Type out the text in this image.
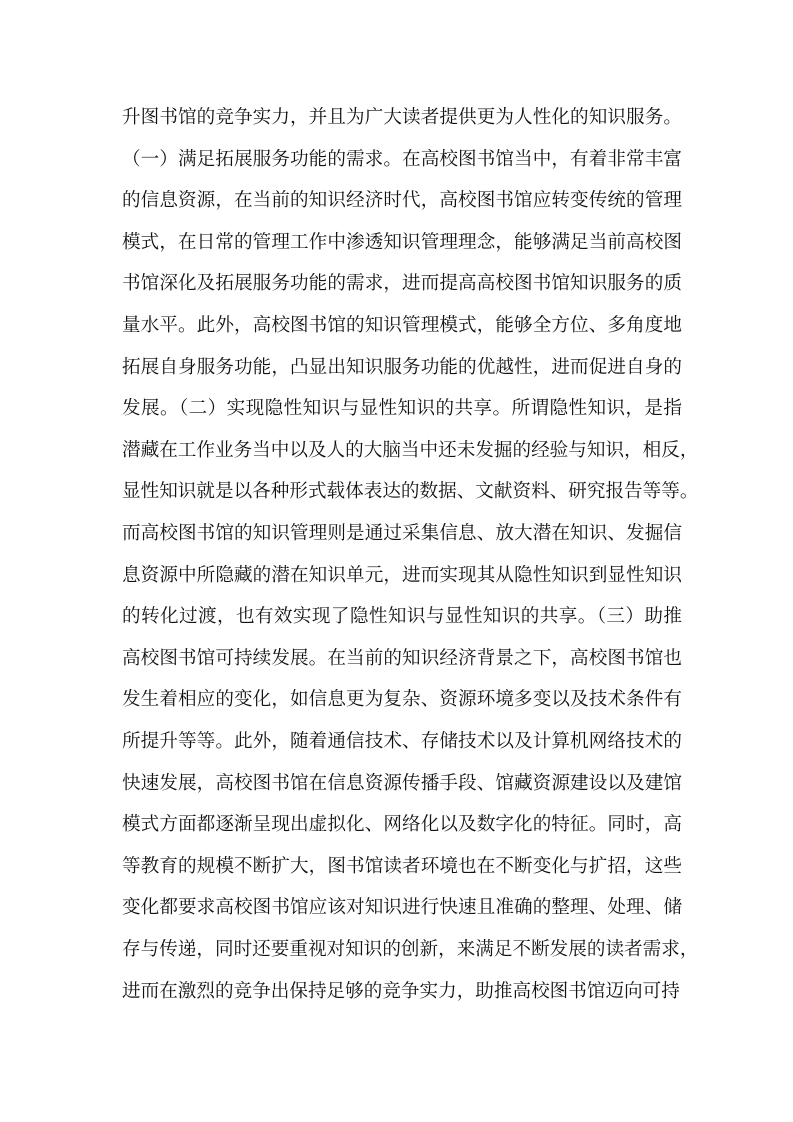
升图书馆的竞争实力，并且为广大读者提供更为人性化的知识服务。
（一）满足拓展服务功能的需求。在高校图书馆当中，有着非常丰富
的信息资源，在当前的知识经济时代，高校图书馆应转变传统的管理
模式，在日常的管理工作中渗透知识管理理念，能够满足当前高校图
书馆深化及拓展服务功能的需求，进而提高高校图书馆知识服务的质
量水平。此外，高校图书馆的知识管理模式，能够全方位、多角度地
拓展自身服务功能，凸显出知识服务功能的优越性，进而促进自身的
发展。（二）实现隐性知识与显性知识的共享。所谓隐性知识，是指
潜藏在工作业务当中以及人的大脑当中还未发掘的经验与知识，相反，
显性知识就是以各种形式载体表达的数据、文献资料、研究报告等等。
而高校图书馆的知识管理则是通过采集信息、放大潜在知识、发掘信
息资源中所隐藏的潜在知识单元，进而实现其从隐性知识到显性知识
的转化过渡，也有效实现了隐性知识与显性知识的共享。（三）助推
高校图书馆可持续发展。在当前的知识经济背景之下，高校图书馆也
发生着相应的变化，如信息更为复杂、资源环境多变以及技术条件有
所提升等等。此外，随着通信技术、存储技术以及计算机网络技术的
快速发展，高校图书馆在信息资源传播手段、馆藏资源建设以及建馆
模式方面都逐渐呈现出虚拟化、网络化以及数字化的特征。同时，高
等教育的规模不断扩大，图书馆读者环境也在不断变化与扩招，这些
变化都要求高校图书馆应该对知识进行快速且准确的整理、处理、储
存与传递，同时还要重视对知识的创新，来满足不断发展的读者需求，
进而在激烈的竞争出保持足够的竞争实力，助推高校图书馆迈向可持
